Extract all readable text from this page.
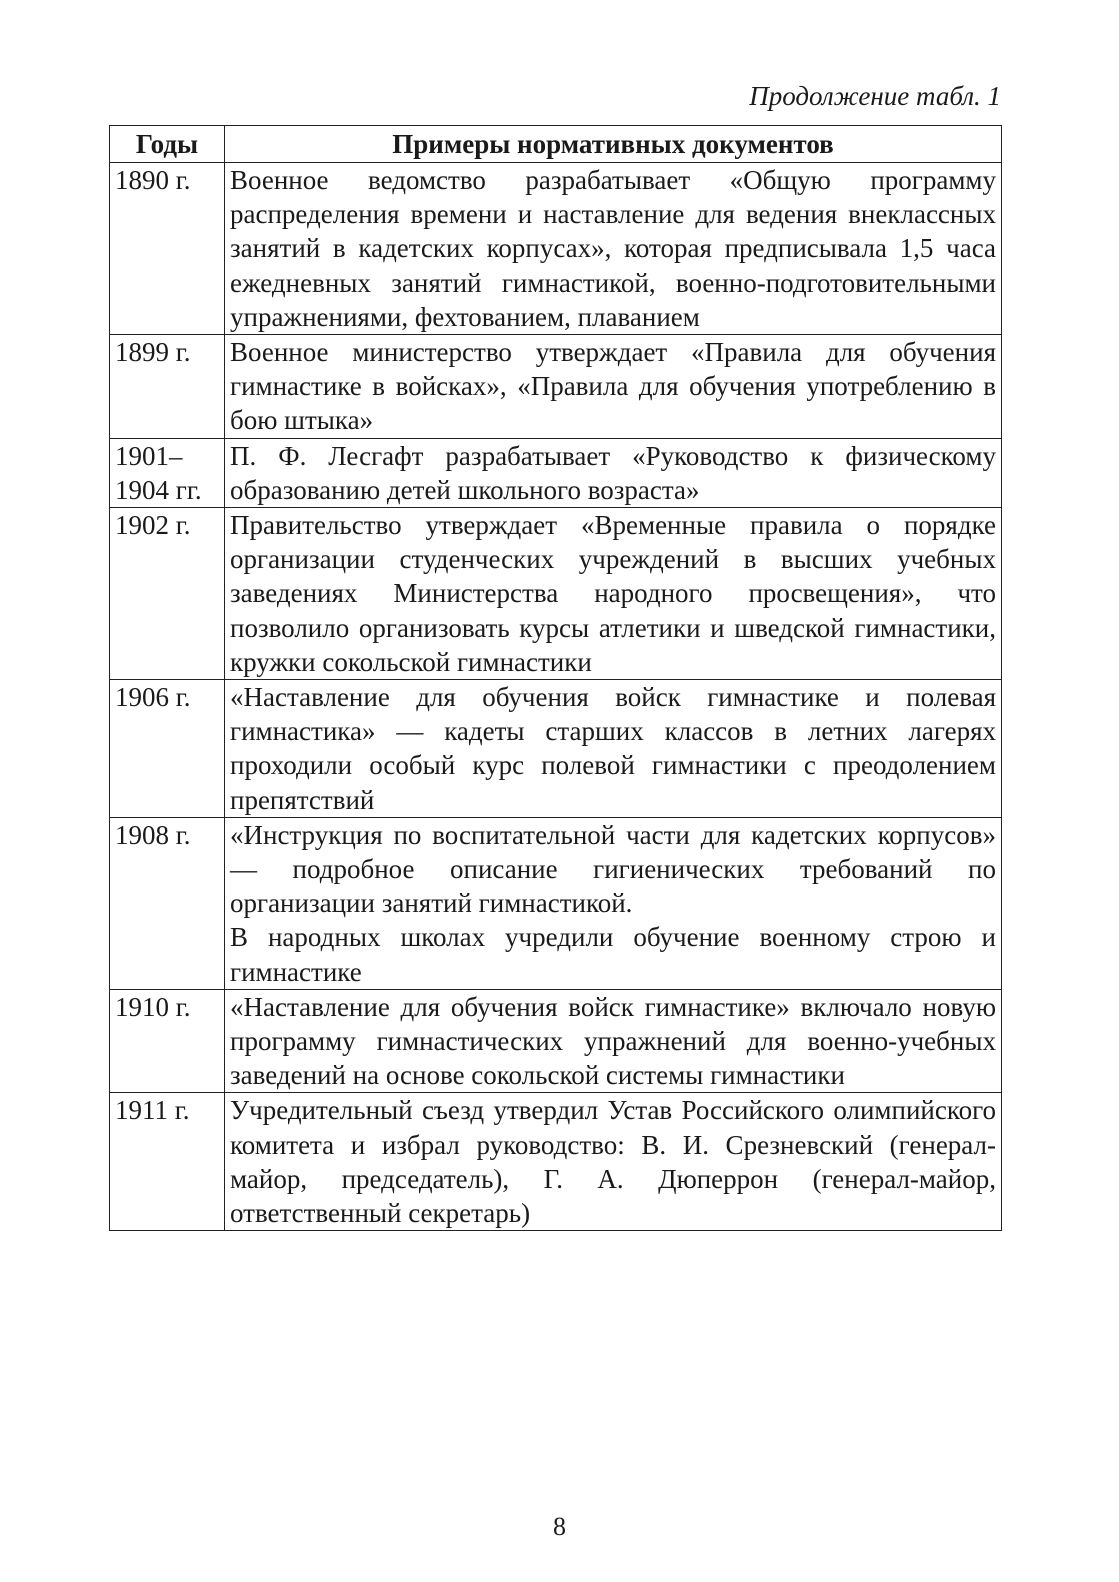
Продолжение табл. 1
Годы	Примеры нормативных документов
1890 г.	Военное ведомство разрабатывает «Общую программу распределения времени и наставление для ведения внеклассных занятий в кадетских корпусах», которая предписывала 1,5 часа ежедневных занятий гимнастикой, военно-подготовительными упражнениями, фехтованием, плаванием

1899 г.	Военное министерство утверждает «Правила для обучения гимнастике в войсках», «Правила для обучения употреблению в бою штыка»

1901–
1904 гг.	П. Ф. Лесгафт разрабатывает «Руководство к физическому образованию детей школьного возраста»

1902 г.	Правительство утверждает «Временные правила о порядке организации студенческих учреждений в высших учебных заведениях Министерства народного просвещения», что позволило организовать курсы атлетики и шведской гимнастики, кружки сокольской гимнастики

1906 г.	«Наставление для обучения войск гимнастике и полевая гимнастика» — кадеты старших классов в летних лагерях проходили особый курс полевой гимнастики с преодолением препятствий

1908 г.	«Инструкция по воспитательной части для кадетских корпусов» — подробное описание гигиенических требований по организации занятий гимнастикой.
В народных школах учредили обучение военному строю и гимнастике

1910 г.	«Наставление для обучения войск гимнастике» включало новую программу гимнастических упражнений для военно-учебных заведений на основе сокольской системы гимнастики

1911 г.	Учредительный съезд утвердил Устав Российского олимпийского комитета и избрал руководство: В. И. Срезневский (генерал-майор, председатель), Г. А. Дюперрон (генерал-майор, ответственный секретарь)
8
